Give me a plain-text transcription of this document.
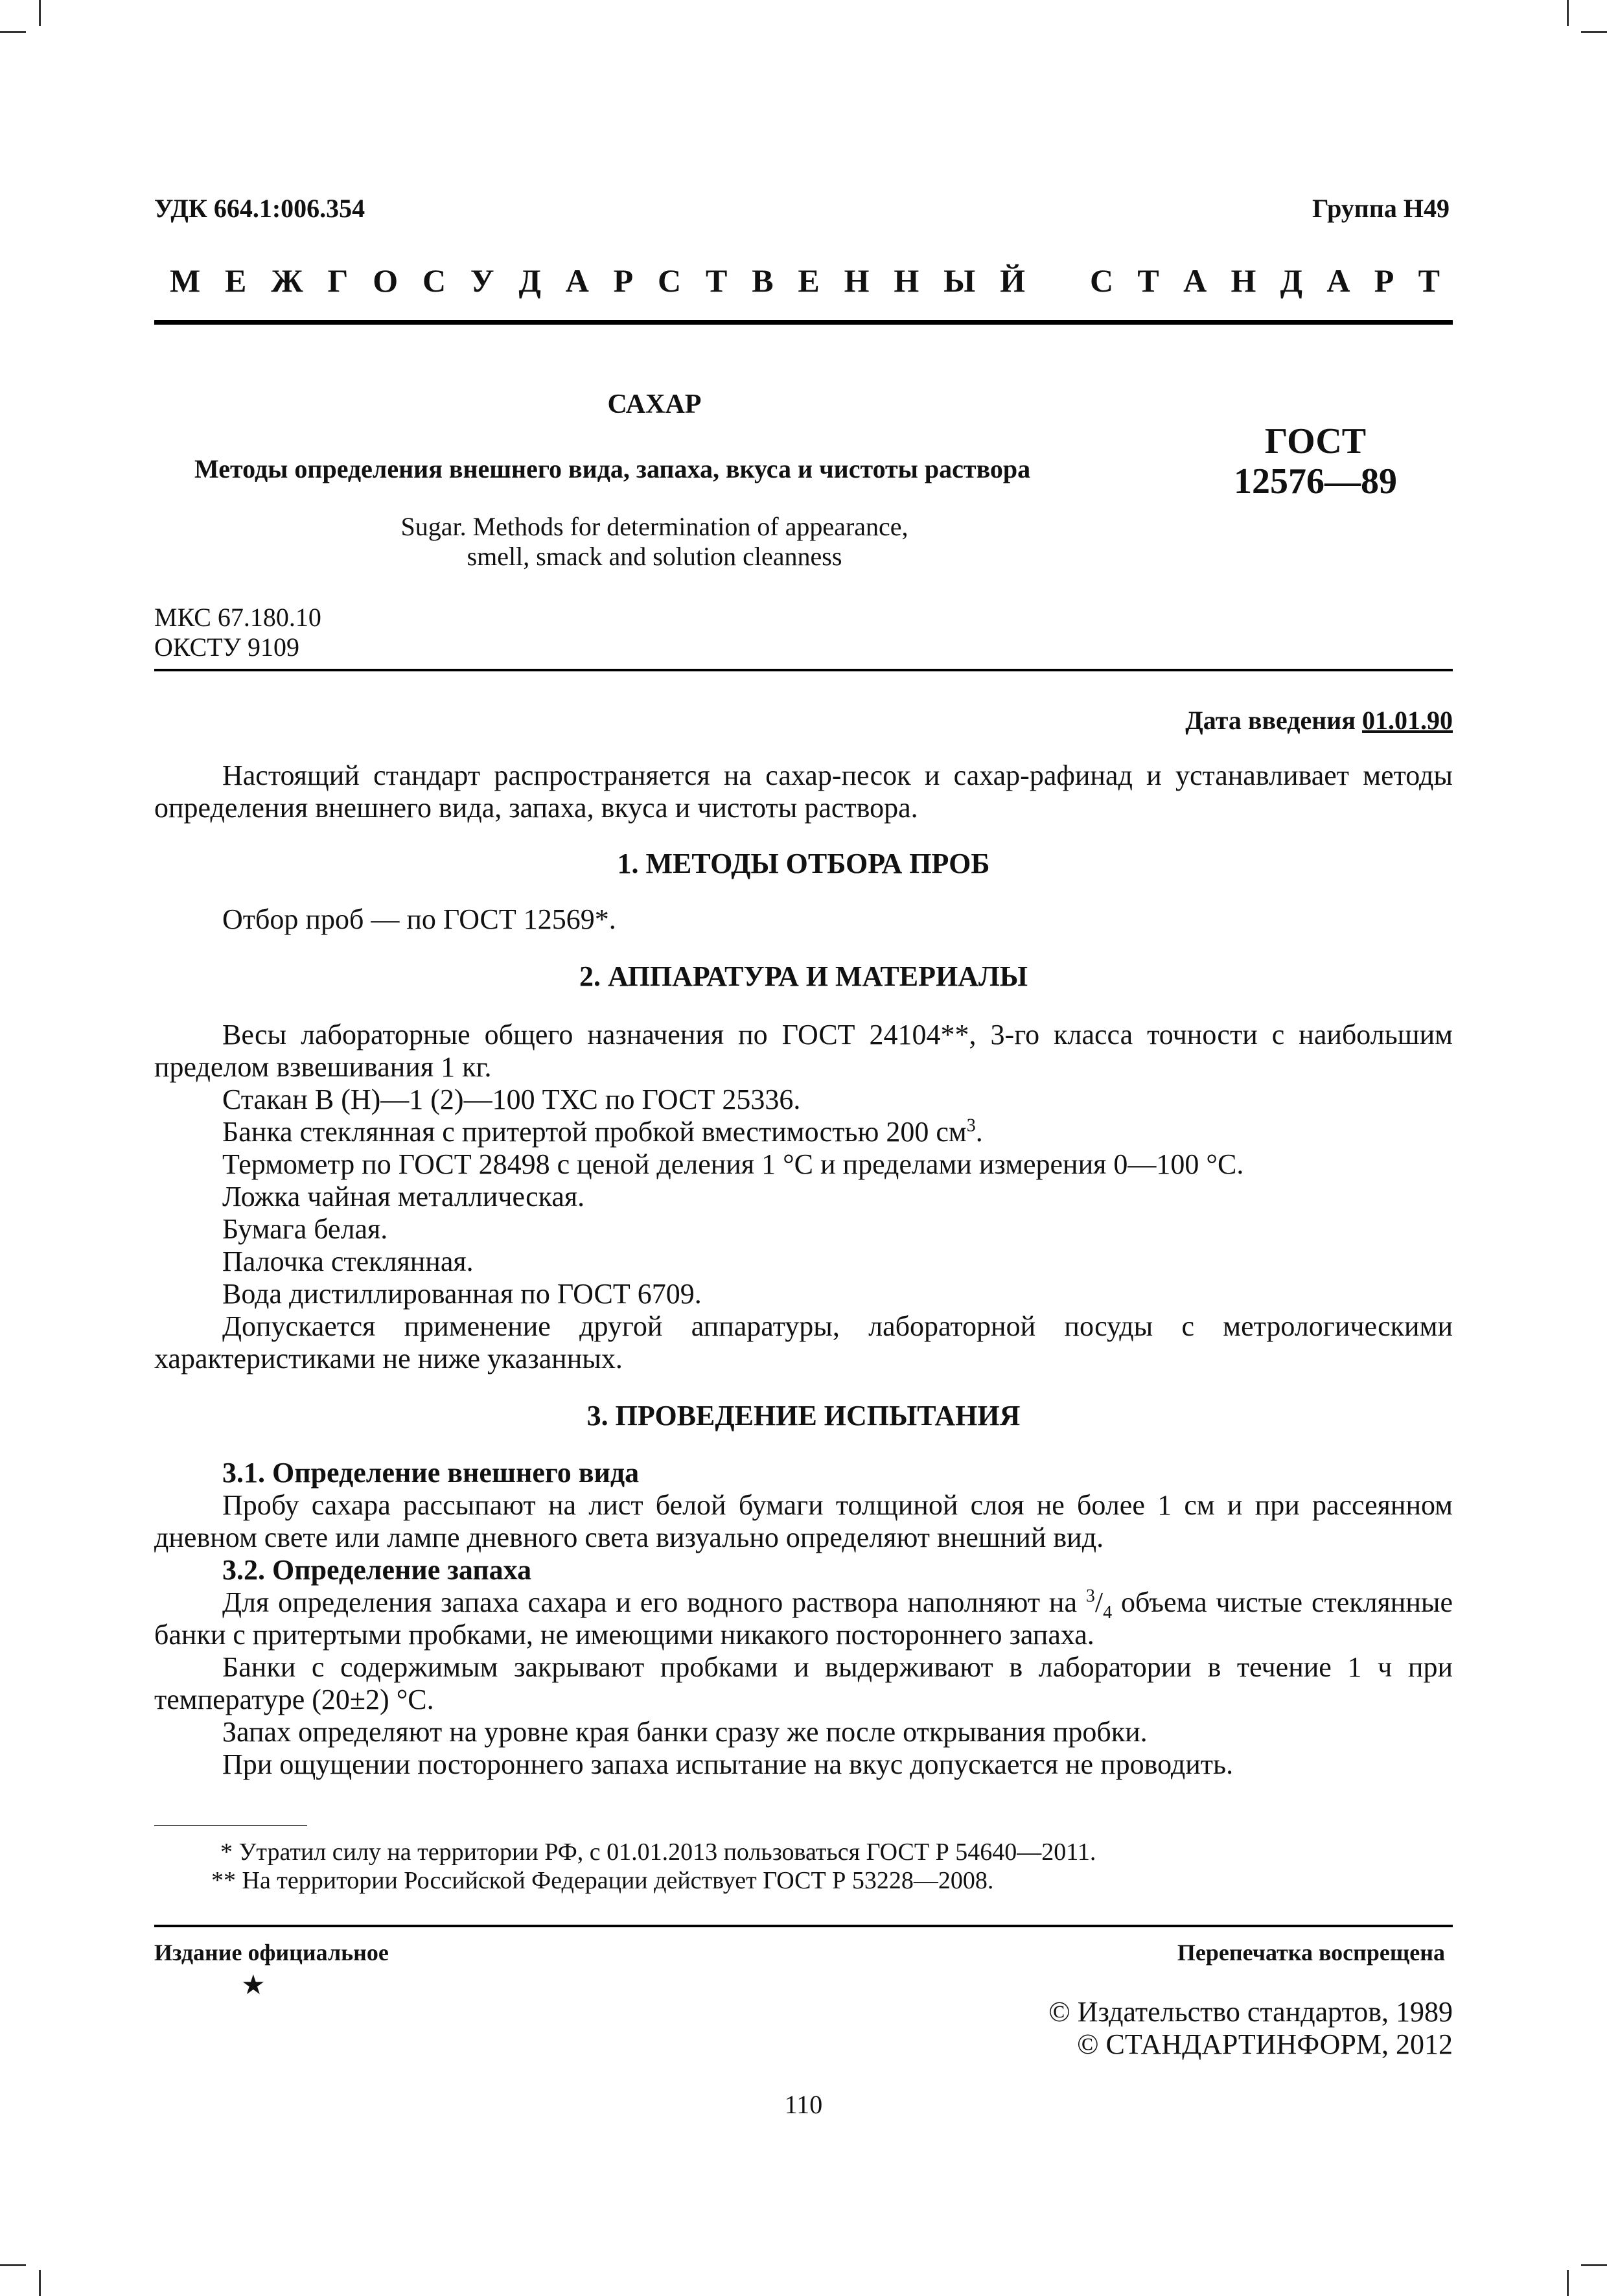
УДК 664.1:006.354	Группа Н49
М Е Ж Г О С У Д А Р С Т В Е Н Н Ы Й С Т А Н Д А Р Т
САХАР
Методы определения внешнего вида, запаха, вкуса и чистоты раствора
ГОСТ
12576—89
Sugar. Methods for determination of appearance,
smell, smack and solution cleanness
МКС 67.180.10
ОКСТУ 9109
Дата введения 01.01.90

Настоящий стандарт распространяется на сахар-песок и сахар-рафинад и устанавливает методы определения внешнего вида, запаха, вкуса и чистоты раствора.

1. МЕТОДЫ ОТБОРА ПРОБ

Отбор проб — по ГОСТ 12569*.

2. АППАРАТУРА И МАТЕРИАЛЫ

Весы лабораторные общего назначения по ГОСТ 24104**, 3-го класса точности с наибольшим пределом взвешивания 1 кг.

Стакан В (Н)—1 (2)—100 ТХС по ГОСТ 25336.

Банка стеклянная с притертой пробкой вместимостью 200 $см^3$.

Термометр по ГОСТ 28498 с ценой деления 1 °С и пределами измерения 0—100 °С.

Ложка чайная металлическая.

Бумага белая.

Палочка стеклянная.

Вода дистиллированная по ГОСТ 6709.

Допускается применение другой аппаратуры, лабораторной посуды с метрологическими характеристиками не ниже указанных.

3. ПРОВЕДЕНИЕ ИСПЫТАНИЯ

3.1. Определение внешнего вида

Пробу сахара рассыпают на лист белой бумаги толщиной слоя не более 1 см и при рассеянном дневном свете или лампе дневного света визуально определяют внешний вид.

3.2. Определение запаха

Для определения запаха сахара и его водного раствора наполняют на $^3/_4$ объема чистые стеклянные банки с притертыми пробками, не имеющими никакого постороннего запаха.

Банки с содержимым закрывают пробками и выдерживают в лаборатории в течение 1 ч при температуре (20±2) °С.

Запах определяют на уровне края банки сразу же после открывания пробки.

При ощущении постороннего запаха испытание на вкус допускается не проводить.

* Утратил силу на территории РФ, с 01.01.2013 пользоваться ГОСТ Р 54640—2011.
** На территории Российской Федерации действует ГОСТ Р 53228—2008.
Издание официальное
★
Перепечатка воспрещена
© Издательство стандартов, 1989
© СТАНДАРТИНФОРМ, 2012
110
